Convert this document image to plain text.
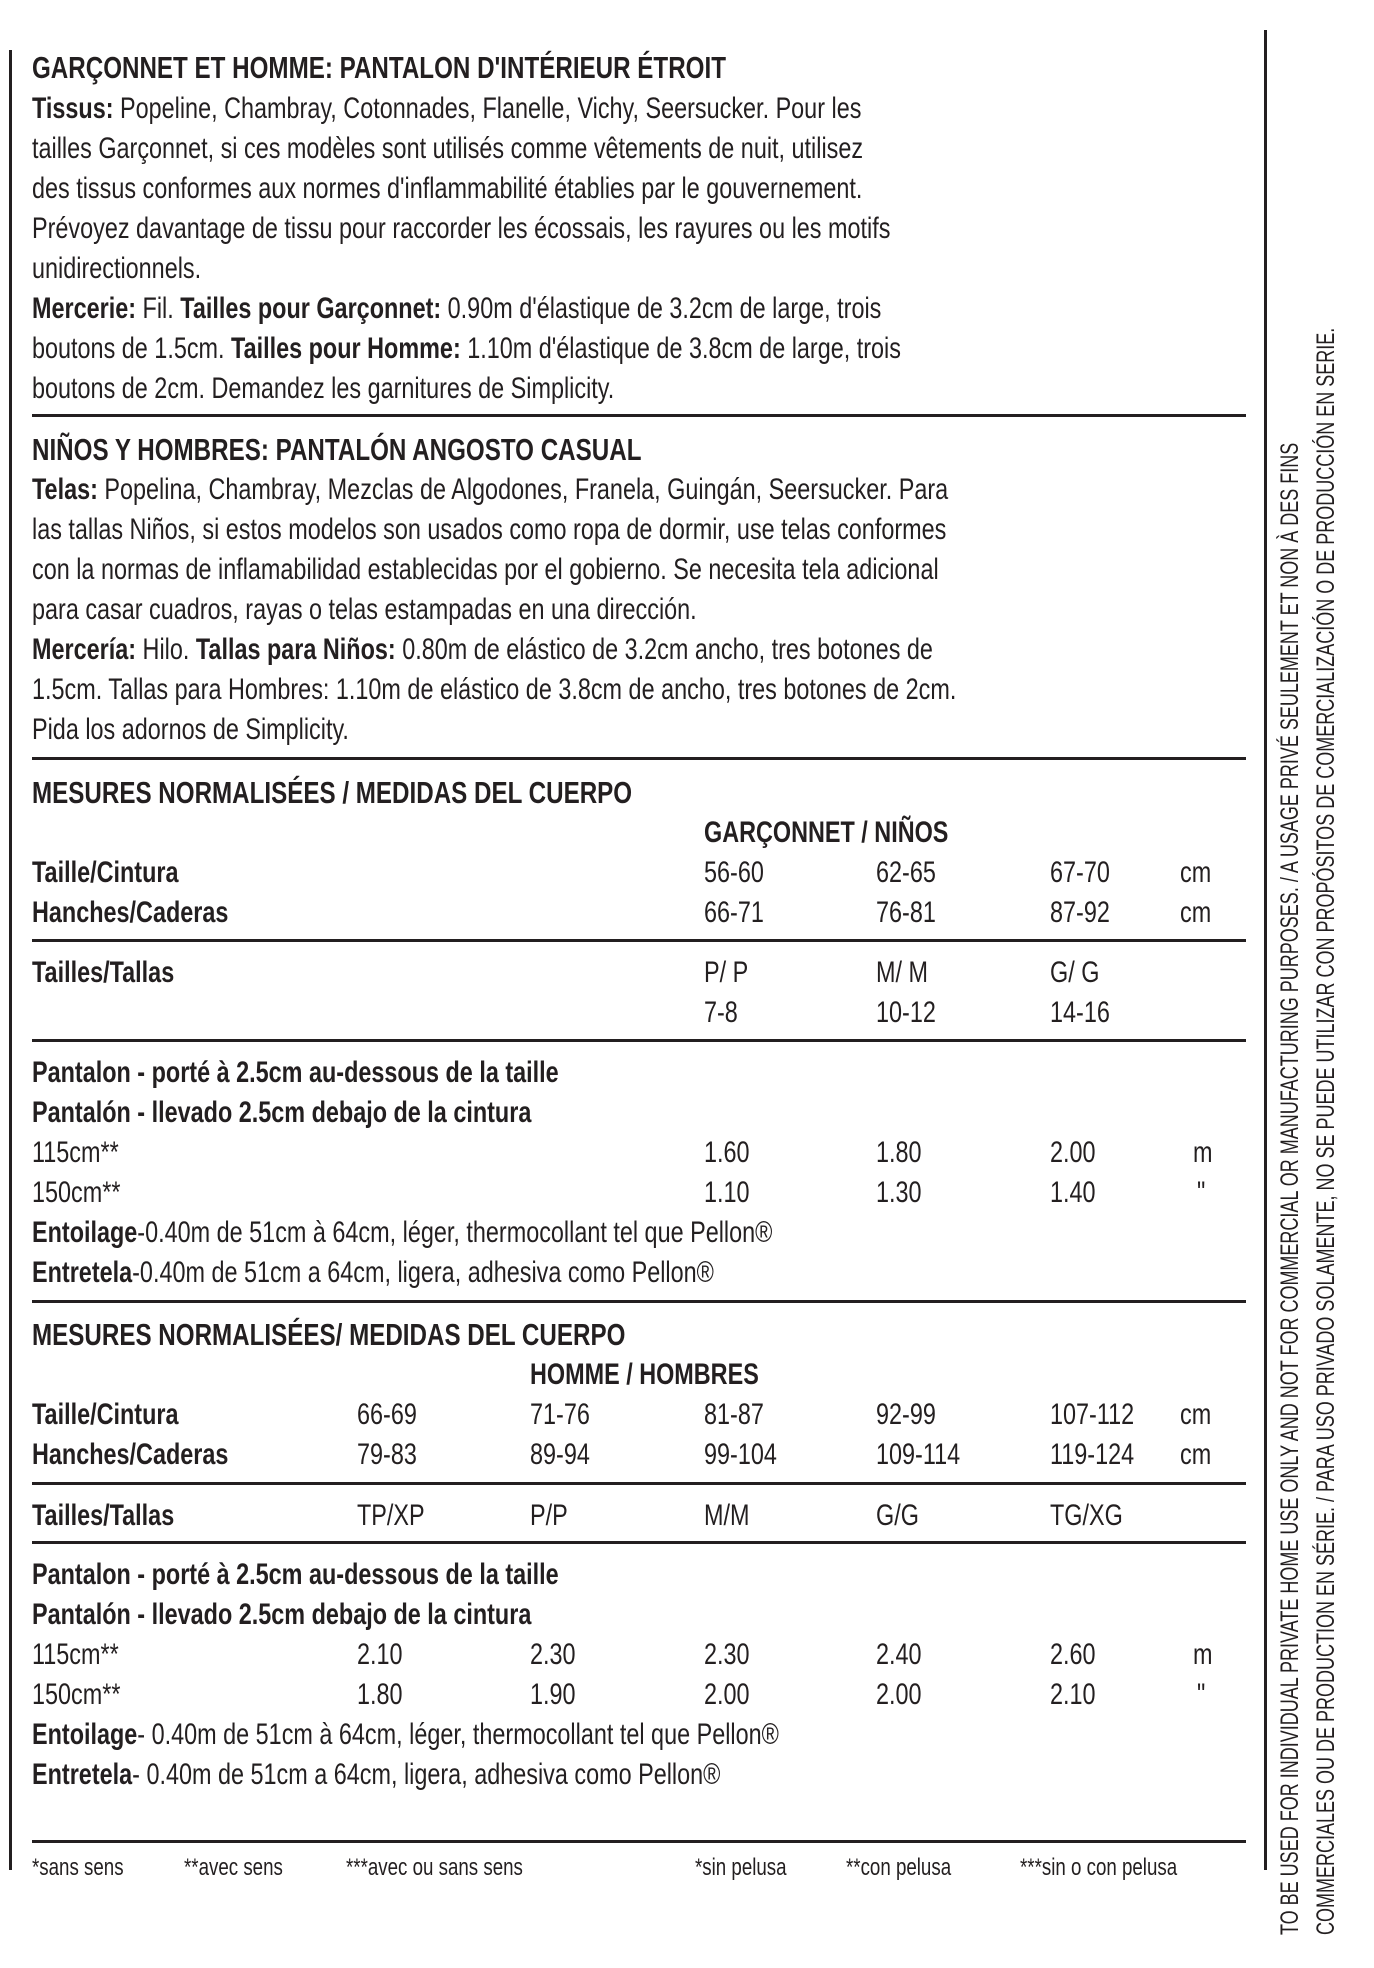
GARÇONNET ET HOMME: PANTALON D'INTÉRIEUR ÉTROIT
Tissus: Popeline, Chambray, Cotonnades, Flanelle, Vichy, Seersucker. Pour les
tailles Garçonnet, si ces modèles sont utilisés comme vêtements de nuit, utilisez
des tissus conformes aux normes d'inflammabilité établies par le gouvernement.
Prévoyez davantage de tissu pour raccorder les écossais, les rayures ou les motifs
unidirectionnels.
Mercerie: Fil. Tailles pour Garçonnet: 0.90m d'élastique de 3.2cm de large, trois
boutons de 1.5cm. Tailles pour Homme: 1.10m d'élastique de 3.8cm de large, trois
boutons de 2cm. Demandez les garnitures de Simplicity.
NIÑOS Y HOMBRES: PANTALÓN ANGOSTO CASUAL
Telas: Popelina, Chambray, Mezclas de Algodones, Franela, Guingán, Seersucker. Para
las tallas Niños, si estos modelos son usados como ropa de dormir, use telas conformes
con la normas de inflamabilidad establecidas por el gobierno. Se necesita tela adicional
para casar cuadros, rayas o telas estampadas en una dirección.
Mercería: Hilo. Tallas para Niños: 0.80m de elástico de 3.2cm ancho, tres botones de
1.5cm. Tallas para Hombres: 1.10m de elástico de 3.8cm de ancho, tres botones de 2cm.
Pida los adornos de Simplicity.
MESURES NORMALISÉES / MEDIDAS DEL CUERPO
GARÇONNET / NIÑOS
Taille/Cintura	56-60	62-65	67-70	cm
Hanches/Caderas	66-71	76-81	87-92	cm
Tailles/Tallas	P/ P	M/ M	G/ G
7-8	10-12	14-16
Pantalon - porté à 2.5cm au-dessous de la taille
Pantalón - llevado 2.5cm debajo de la cintura
115cm**	1.60	1.80	2.00	m
150cm**	1.10	1.30	1.40	"
Entoilage-0.40m de 51cm à 64cm, léger, thermocollant tel que Pellon®
Entretela-0.40m de 51cm a 64cm, ligera, adhesiva como Pellon®
MESURES NORMALISÉES/ MEDIDAS DEL CUERPO
HOMME / HOMBRES
Taille/Cintura	66-69	71-76	81-87	92-99	107-112	cm
Hanches/Caderas	79-83	89-94	99-104	109-114	119-124	cm
Tailles/Tallas	TP/XP	P/P	M/M	G/G	TG/XG
Pantalon - porté à 2.5cm au-dessous de la taille
Pantalón - llevado 2.5cm debajo de la cintura
115cm**	2.10	2.30	2.30	2.40	2.60	m
150cm**	1.80	1.90	2.00	2.00	2.10	"
Entoilage- 0.40m de 51cm à 64cm, léger, thermocollant tel que Pellon®
Entretela- 0.40m de 51cm a 64cm, ligera, adhesiva como Pellon®
*sans sens	**avec sens	***avec ou sans sens	*sin pelusa	**con pelusa	***sin o con pelusa	TO BE USED FOR INDIVIDUAL PRIVATE HOME USE ONLY AND NOT FOR COMMERCIAL OR MANUFACTURING PURPOSES. / A USAGE PRIVÉ SEULEMENT ET NON À DES FINS COMMERCIALES OU DE PRODUCTION EN SÉRIE. / PARA USO PRIVADO SOLAMENTE, NO SE PUEDE UTILIZAR CON PROPÓSITOS DE COMERCIALIZACIÓN O DE PRODUCCIÓN EN SERIE.
